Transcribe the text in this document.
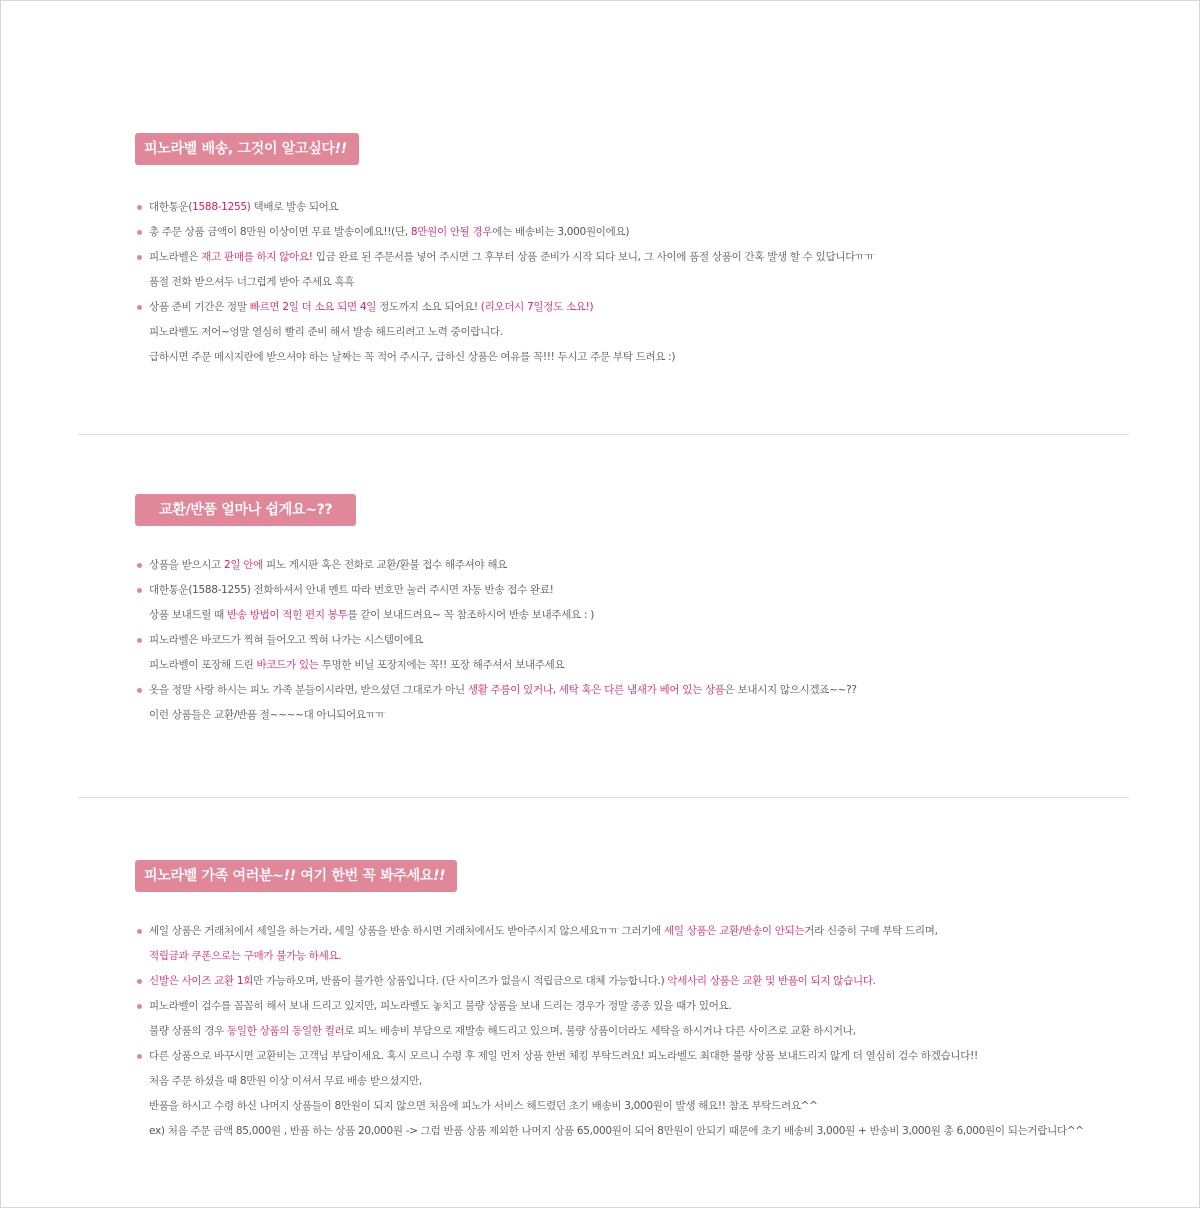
피노라벨 배송, 그것이 알고싶다!!
대한통운(1588-1255) 택배로 발송 되어요
총 주문 상품 금액이 8만원 이상이면 무료 발송이예요!!(단, 8만원이 안될 경우에는 배송비는 3,000원이에요)
피노라벨은 재고 판매를 하지 않아요! 입금 완료 된 주문서를 넣어 주시면 그 후부터 상품 준비가 시작 되다 보니, 그 사이에 품절 상품이 간혹 발생 할 수 있답니다ㅠㅠ
품절 전화 받으셔두 너그럽게 받아 주세요 흑흑
상품 준비 기간은 정말 빠르면 2일 더 소요 되면 4일 정도까지 소요 되어요! (리오더시 7일정도 소요!)
피노라벨도 저어~엉말 열심히 빨리 준비 해서 발송 해드리려고 노력 중이랍니다.
급하시면 주문 메시지란에 받으셔야 하는 날짜는 꼭 적어 주시구, 급하신 상품은 여유를 꼭!!! 두시고 주문 부탁 드려요 :)
교환/반품 얼마나 쉽게요~??
상품을 받으시고 2일 안에 피노 게시판 혹은 전화로 교환/환불 접수 해주셔야 해요
대한통운(1588-1255) 전화하셔서 안내 멘트 따라 번호만 눌러 주시면 자동 반송 접수 완료!
상품 보내드릴 때 반송 방법이 적힌 편지 봉투를 같이 보내드려요~ 꼭 참조하시어 반송 보내주세요 : )
피노라벨은 바코드가 찍혀 들어오고 찍혀 나가는 시스템이에요
피노라벨이 포장해 드린 바코드가 있는 투명한 비닐 포장지에는 꼭!! 포장 해주셔서 보내주세요
옷을 정말 사랑 하시는 피노 가족 분들이시라면, 받으셨던 그대로가 아닌 생활 주름이 있거나, 세탁 혹은 다른 냄새가 베어 있는 상품은 보내시지 않으시겠죠~~??
이런 상품들은 교환/반품 절~~~~대 아니되어요ㅠㅠ
피노라벨 가족 여러분~!! 여기 한번 꼭 봐주세요!!
세일 상품은 거래처에서 세일을 하는거라, 세일 상품을 반송 하시면 거래처에서도 받아주시지 않으세요ㅠㅠ 그러기에 세일 상품은 교환/반송이 안되는거라 신중히 구매 부탁 드리며,
적립금과 쿠폰으로는 구매가 불가능 하세요.
신발은 사이즈 교환 1회만 가능하오며, 반품이 불가한 상품입니다. (단 사이즈가 없을시 적립금으로 대체 가능합니다.) 악세사리 상품은 교환 및 반품이 되지 않습니다.
피노라벨이 검수를 꼼꼼히 해서 보내 드리고 있지만, 피노라벨도 놓치고 불량 상품을 보내 드리는 경우가 정말 종종 있을 때가 있어요.
불량 상품의 경우 동일한 상품의 동일한 컬러로 피노 배송비 부담으로 재발송 해드리고 있으며, 불량 상품이더라도 세탁을 하시거나 다른 사이즈로 교환 하시거나,
다른 상품으로 바꾸시면 교환비는 고객님 부담이세요. 혹시 모르니 수령 후 제일 먼저 상품 한번 체킹 부탁드려요! 피노라벨도 최대한 불량 상품 보내드리지 않게 더 열심히 검수 하겠습니다!!
처음 주문 하셨을 때 8만원 이상 이셔서 무료 배송 받으셨지만,
반품을 하시고 수령 하신 나머지 상품들이 8만원이 되지 않으면 처음에 피노가 서비스 해드렸던 초기 배송비 3,000원이 발생 해요!! 참조 부탁드려요^^
ex) 처음 주문 금액 85,000원 , 반품 하는 상품 20,000원 -> 그럼 반품 상품 제외한 나머지 상품 65,000원이 되어 8만원이 안되기 때문에 초기 배송비 3,000원 + 반송비 3,000원 총 6,000원이 되는거랍니다^^
